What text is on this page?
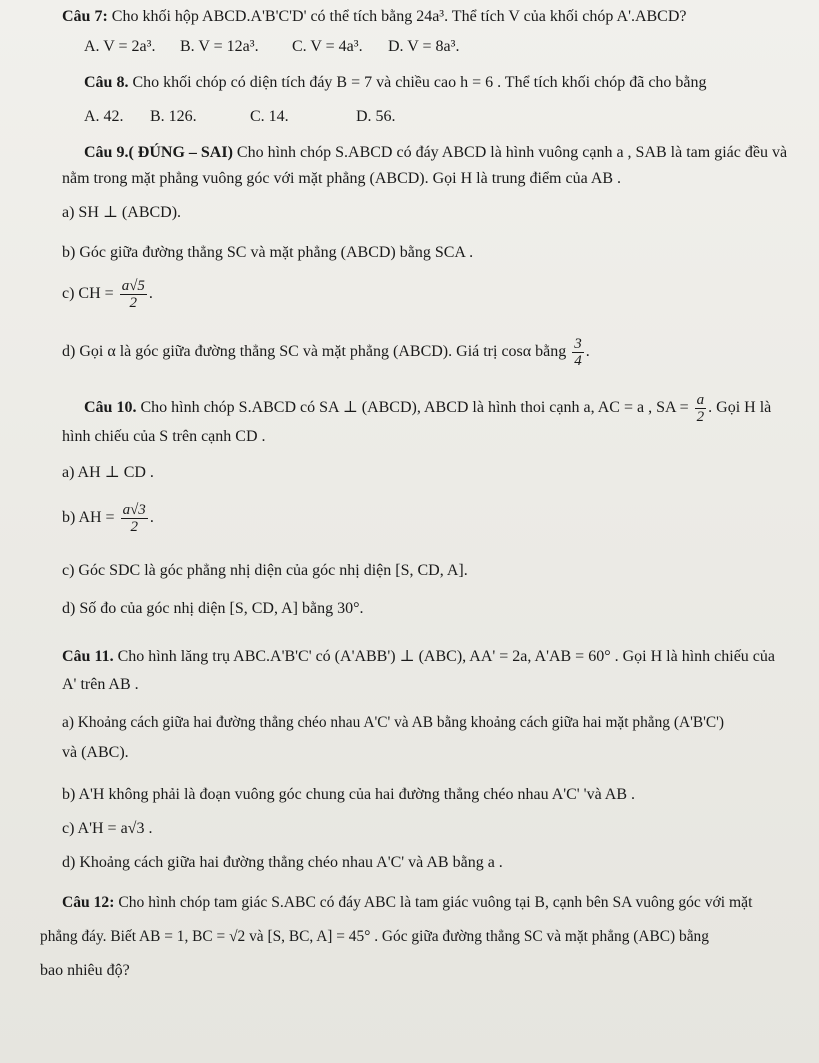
Câu 7: Cho khối hộp ABCD.A'B'C'D' có thể tích bằng 24a³. Thể tích V của khối chóp A'.ABCD?
A. V = 2a³. B. V = 12a³. C. V = 4a³. D. V = 8a³.
Câu 8. Cho khối chóp có diện tích đáy B = 7 và chiều cao h = 6 . Thể tích khối chóp đã cho bằng
A. 42. B. 126.	C. 14.	D. 56.
Câu 9.( ĐÚNG – SAI) Cho hình chóp S.ABCD có đáy ABCD là hình vuông cạnh a , SAB là tam giác đều và
nằm trong mặt phẳng vuông góc với mặt phẳng (ABCD). Gọi H là trung điểm của AB .
a) SH ⊥ (ABCD).
b) Góc giữa đường thẳng SC và mặt phẳng (ABCD) bằng SCA .
c) CH = $\frac{a√5}{2}$ .
d) Gọi α là góc giữa đường thẳng SC và mặt phẳng (ABCD). Giá trị cosα bằng $\frac{3}{4}$ .
Câu 10. Cho hình chóp S.ABCD có SA ⊥ (ABCD), ABCD là hình thoi cạnh a, AC = a , SA = $\frac{a}{2}$ . Gọi H là
hình chiếu của S trên cạnh CD .
a) AH ⊥ CD .
b) AH = $\frac{a√3}{2}$ .
c) Góc SDC là góc phẳng nhị diện của góc nhị diện [S, CD, A].
d) Số đo của góc nhị diện [S, CD, A] bằng 30°.
Câu 11. Cho hình lăng trụ ABC.A'B'C' có (A'ABB') ⊥ (ABC), AA' = 2a, A'AB = 60° . Gọi H là hình chiếu của
A' trên AB .
a) Khoảng cách giữa hai đường thẳng chéo nhau A'C' và AB bằng khoảng cách giữa hai mặt phẳng (A'B'C')
và (ABC).
b) A'H không phải là đoạn vuông góc chung của hai đường thẳng chéo nhau A'C' 'và AB .
c) A'H = a√3 .
d) Khoảng cách giữa hai đường thẳng chéo nhau A'C' và AB bằng a .
Câu 12: Cho hình chóp tam giác S.ABC có đáy ABC là tam giác vuông tại B, cạnh bên SA vuông góc với mặt
phẳng đáy. Biết AB = 1, BC = √2 và [S, BC, A] = 45° . Góc giữa đường thẳng SC và mặt phẳng (ABC) bằng
bao nhiêu độ?
